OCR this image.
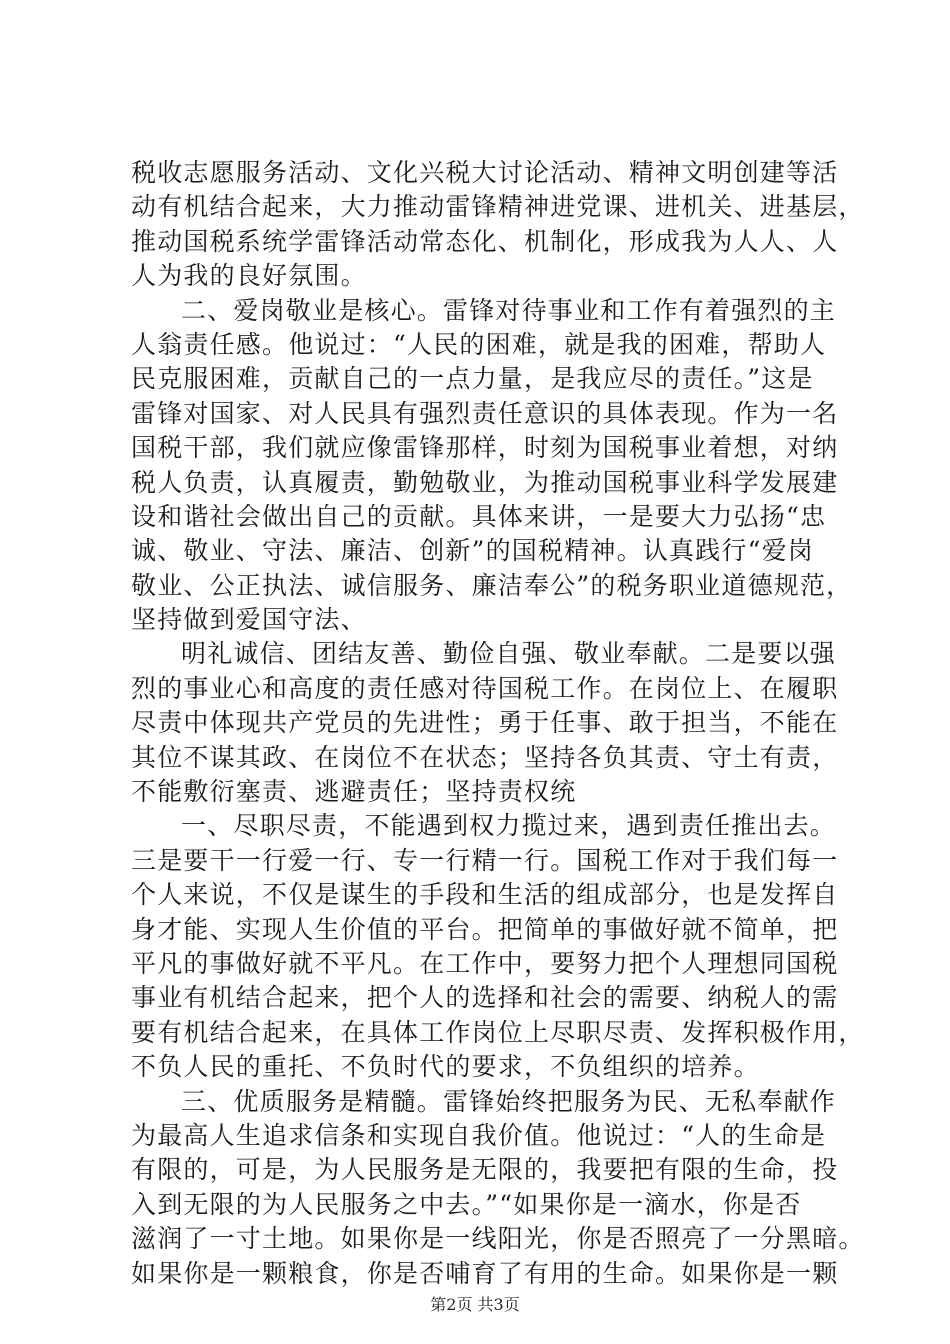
税收志愿服务活动、文化兴税大讨论活动、精神文明创建等活
动有机结合起来，大力推动雷锋精神进党课、进机关、进基层，
推动国税系统学雷锋活动常态化、机制化，形成我为人人、人
人为我的良好氛围。
二、爱岗敬业是核心。雷锋对待事业和工作有着强烈的主
人翁责任感。他说过：“人民的困难，就是我的困难，帮助人
民克服困难，贡献自己的一点力量，是我应尽的责任。”这是
雷锋对国家、对人民具有强烈责任意识的具体表现。作为一名
国税干部，我们就应像雷锋那样，时刻为国税事业着想，对纳
税人负责，认真履责，勤勉敬业，为推动国税事业科学发展建
设和谐社会做出自己的贡献。具体来讲，一是要大力弘扬“忠
诚、敬业、守法、廉洁、创新”的国税精神。认真践行“爱岗
敬业、公正执法、诚信服务、廉洁奉公”的税务职业道德规范，
坚持做到爱国守法、
明礼诚信、团结友善、勤俭自强、敬业奉献。二是要以强
烈的事业心和高度的责任感对待国税工作。在岗位上、在履职
尽责中体现共产党员的先进性；勇于任事、敢于担当，不能在
其位不谋其政、在岗位不在状态；坚持各负其责、守土有责，
不能敷衍塞责、逃避责任；坚持责权统
一、尽职尽责，不能遇到权力揽过来，遇到责任推出去。
三是要干一行爱一行、专一行精一行。国税工作对于我们每一
个人来说，不仅是谋生的手段和生活的组成部分，也是发挥自
身才能、实现人生价值的平台。把简单的事做好就不简单，把
平凡的事做好就不平凡。在工作中，要努力把个人理想同国税
事业有机结合起来，把个人的选择和社会的需要、纳税人的需
要有机结合起来，在具体工作岗位上尽职尽责、发挥积极作用，
不负人民的重托、不负时代的要求，不负组织的培养。
三、优质服务是精髓。雷锋始终把服务为民、无私奉献作
为最高人生追求信条和实现自我价值。他说过：“人的生命是
有限的，可是，为人民服务是无限的，我要把有限的生命，投
入到无限的为人民服务之中去。”“如果你是一滴水，你是否
滋润了一寸土地。如果你是一线阳光，你是否照亮了一分黑暗。
如果你是一颗粮食，你是否哺育了有用的生命。如果你是一颗
第2页 共3页
